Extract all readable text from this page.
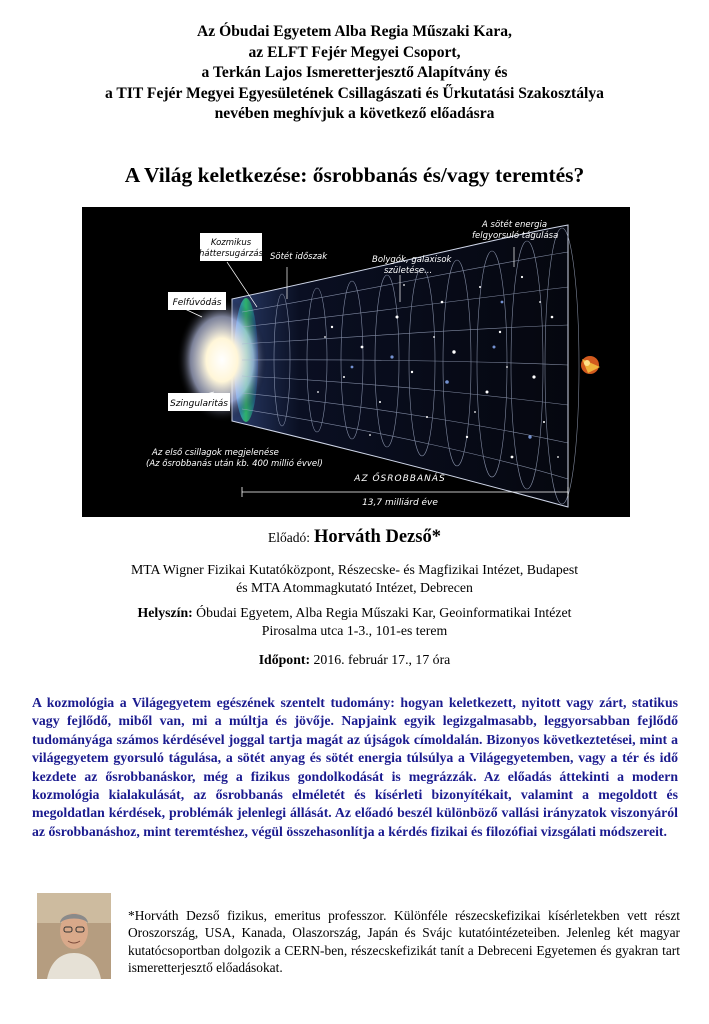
Az Óbudai Egyetem Alba Regia Műszaki Kara,
az ELFT Fejér Megyei Csoport,
a Terkán Lajos Ismeretterjesztő Alapítvány és
a TIT Fejér Megyei Egyesületének Csillagászati és Űrkutatási Szakosztálya
nevében meghívjuk a következő előadásra
A Világ keletkezése: ősrobbanás és/vagy teremtés?
Kozmikus
háttersugárzás Sötét időszak	Bolygók, galaxisok
születése...
A sötét energia
felgyorsuló tágulása
Felfúvódás
Szingularitás
Az első csillagok megjelenése
(Az ősrobbanás után kb. 400 millió évvel)
AZ ŐSROBBANÁS
13,7 milliárd éve
Előadó: Horváth Dezső*
MTA Wigner Fizikai Kutatóközpont, Részecske- és Magfizikai Intézet, Budapest
és MTA Atommagkutató Intézet, Debrecen
Helyszín: Óbudai Egyetem, Alba Regia Műszaki Kar, Geoinformatikai Intézet
Pirosalma utca 1-3., 101-es terem
Időpont: 2016. február 17., 17 óra
A kozmológia a Világegyetem egészének szentelt tudomány: hogyan keletkezett, nyitott vagy zárt, statikus vagy fejlődő, miből van, mi a múltja és jövője. Napjaink egyik legizgalmasabb, leggyorsabban fejlődő tudományága számos kérdésével joggal tartja magát az újságok címoldalán. Bizonyos következtetései, mint a világegyetem gyorsuló tágulása, a sötét anyag és sötét energia túlsúlya a Világegyetemben, vagy a tér és idő kezdete az ősrobbanáskor, még a fizikus gondolkodását is megrázzák. Az előadás áttekinti a modern kozmológia kialakulását, az ősrobbanás elméletét és kísérleti bizonyítékait, valamint a megoldott és megoldatlan kérdések, problémák jelenlegi állását. Az előadó beszél különböző vallási irányzatok viszonyáról az ősrobbanáshoz, mint teremtéshez, végül összehasonlítja a kérdés fizikai és filozófiai vizsgálati módszereit.
*Horváth Dezső fizikus, emeritus professzor. Különféle részecskefizikai kísérletekben vett részt Oroszország, USA, Kanada, Olaszország, Japán és Svájc kutatóintézeteiben. Jelenleg két magyar kutatócsoportban dolgozik a CERN-ben, részecskefizikát tanít a Debreceni Egyetemen és gyakran tart ismeretterjesztő előadásokat.
